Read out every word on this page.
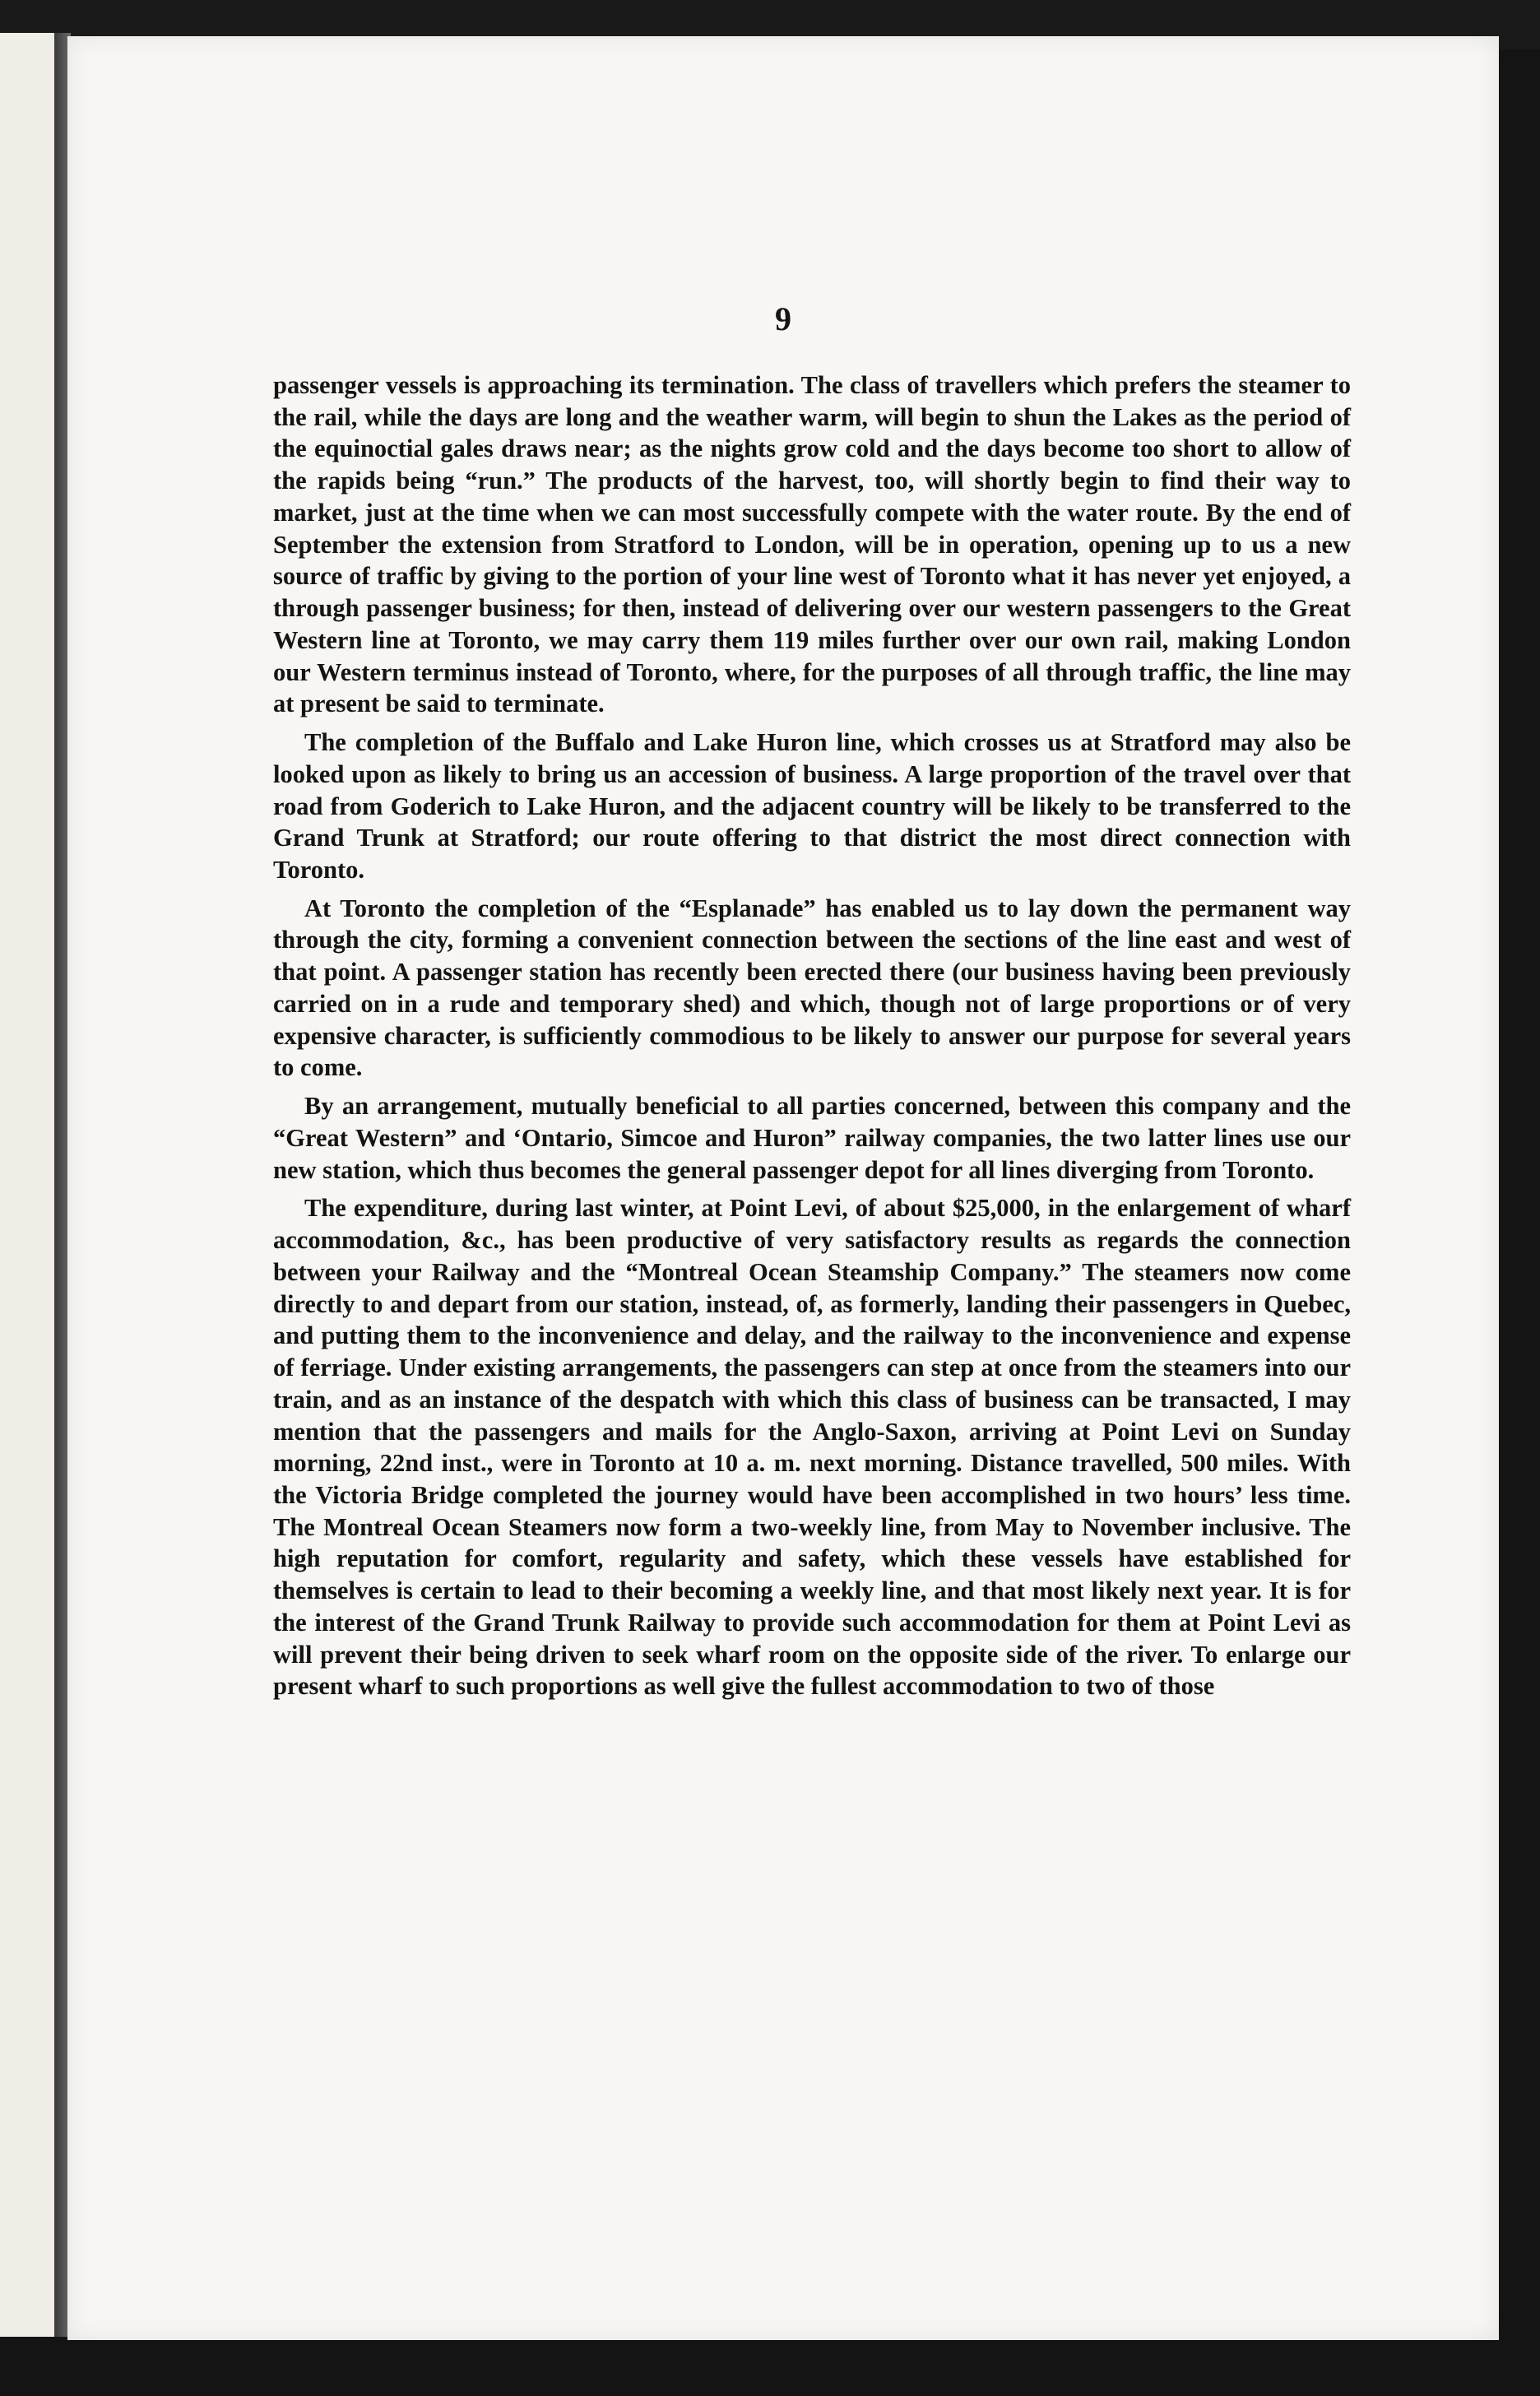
9

passenger vessels is approaching its termination. The class of travellers which prefers the steamer to the rail, while the days are long and the weather warm, will begin to shun the Lakes as the period of the equinoctial gales draws near; as the nights grow cold and the days become too short to allow of the rapids being “run.” The products of the harvest, too, will shortly begin to find their way to market, just at the time when we can most successfully compete with the water route. By the end of September the extension from Stratford to London, will be in operation, opening up to us a new source of traffic by giving to the portion of your line west of Toronto what it has never yet enjoyed, a through passenger business; for then, instead of delivering over our western passengers to the Great Western line at Toronto, we may carry them 119 miles further over our own rail, making London our Western terminus instead of Toronto, where, for the purposes of all through traffic, the line may at present be said to terminate.

The completion of the Buffalo and Lake Huron line, which crosses us at Stratford may also be looked upon as likely to bring us an accession of business. A large proportion of the travel over that road from Goderich to Lake Huron, and the adjacent country will be likely to be transferred to the Grand Trunk at Stratford; our route offering to that district the most direct connection with Toronto.

At Toronto the completion of the “Esplanade” has enabled us to lay down the permanent way through the city, forming a convenient connection between the sections of the line east and west of that point. A passenger station has recently been erected there (our business having been previously carried on in a rude and temporary shed) and which, though not of large proportions or of very expensive character, is sufficiently commodious to be likely to answer our purpose for several years to come.

By an arrangement, mutually beneficial to all parties concerned, between this company and the “Great Western” and ‘Ontario, Simcoe and Huron” railway companies, the two latter lines use our new station, which thus becomes the general passenger depot for all lines diverging from Toronto.

The expenditure, during last winter, at Point Levi, of about $25,000, in the enlargement of wharf accommodation, &c., has been productive of very satisfactory results as regards the connection between your Railway and the “Montreal Ocean Steamship Company.” The steamers now come directly to and depart from our station, instead, of, as formerly, landing their passengers in Quebec, and putting them to the inconvenience and delay, and the railway to the inconvenience and expense of ferriage. Under existing arrangements, the passengers can step at once from the steamers into our train, and as an instance of the despatch with which this class of business can be transacted, I may mention that the passengers and mails for the Anglo-Saxon, arriving at Point Levi on Sunday morning, 22nd inst., were in Toronto at 10 a. m. next morning. Distance travelled, 500 miles. With the Victoria Bridge completed the journey would have been accomplished in two hours’ less time. The Montreal Ocean Steamers now form a two-weekly line, from May to November inclusive. The high reputation for comfort, regularity and safety, which these vessels have established for themselves is certain to lead to their becoming a weekly line, and that most likely next year. It is for the interest of the Grand Trunk Railway to provide such accommodation for them at Point Levi as will prevent their being driven to seek wharf room on the opposite side of the river. To enlarge our present wharf to such proportions as well give the fullest accommodation to two of those
